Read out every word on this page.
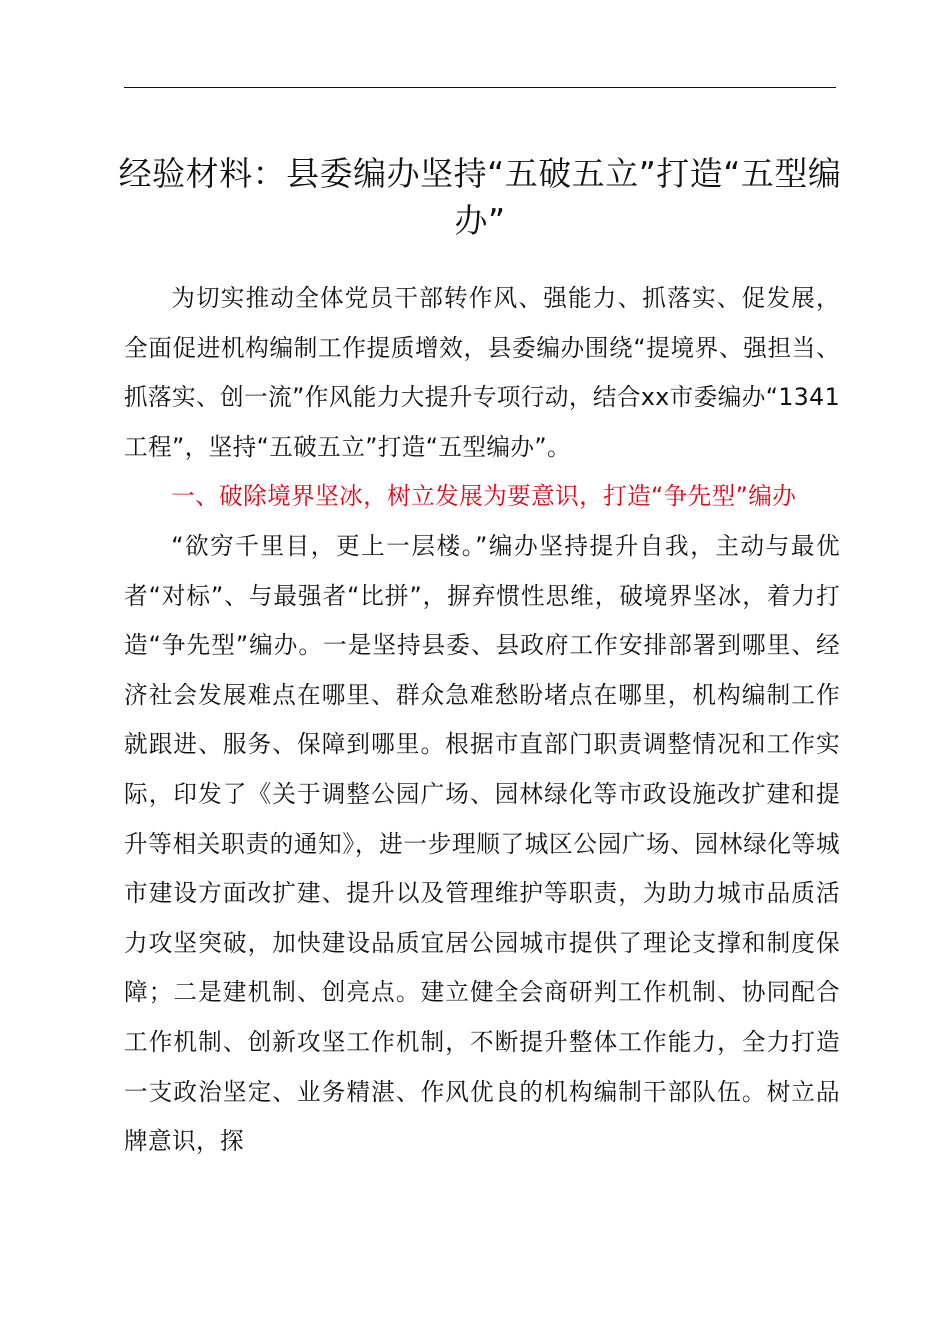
经验材料：县委编办坚持“五破五立”打造“五型编办”

为切实推动全体党员干部转作风、强能力、抓落实、促发展，全面促进机构编制工作提质增效，县委编办围绕“提境界、强担当、抓落实、创一流”作风能力大提升专项行动，结合xx市委编办“1341工程”，坚持“五破五立”打造“五型编办”。

一、破除境界坚冰，树立发展为要意识，打造“争先型”编办

“欲穷千里目，更上一层楼。”编办坚持提升自我，主动与最优者“对标”、与最强者“比拼”，摒弃惯性思维，破境界坚冰，着力打造“争先型”编办。一是坚持县委、县政府工作安排部署到哪里、经济社会发展难点在哪里、群众急难愁盼堵点在哪里，机构编制工作就跟进、服务、保障到哪里。根据市直部门职责调整情况和工作实际，印发了《关于调整公园广场、园林绿化等市政设施改扩建和提升等相关职责的通知》，进一步理顺了城区公园广场、园林绿化等城市建设方面改扩建、提升以及管理维护等职责，为助力城市品质活力攻坚突破，加快建设品质宜居公园城市提供了理论支撑和制度保障；二是建机制、创亮点。建立健全会商研判工作机制、协同配合工作机制、创新攻坚工作机制，不断提升整体工作能力，全力打造一支政治坚定、业务精湛、作风优良的机构编制干部队伍。树立品牌意识，探
